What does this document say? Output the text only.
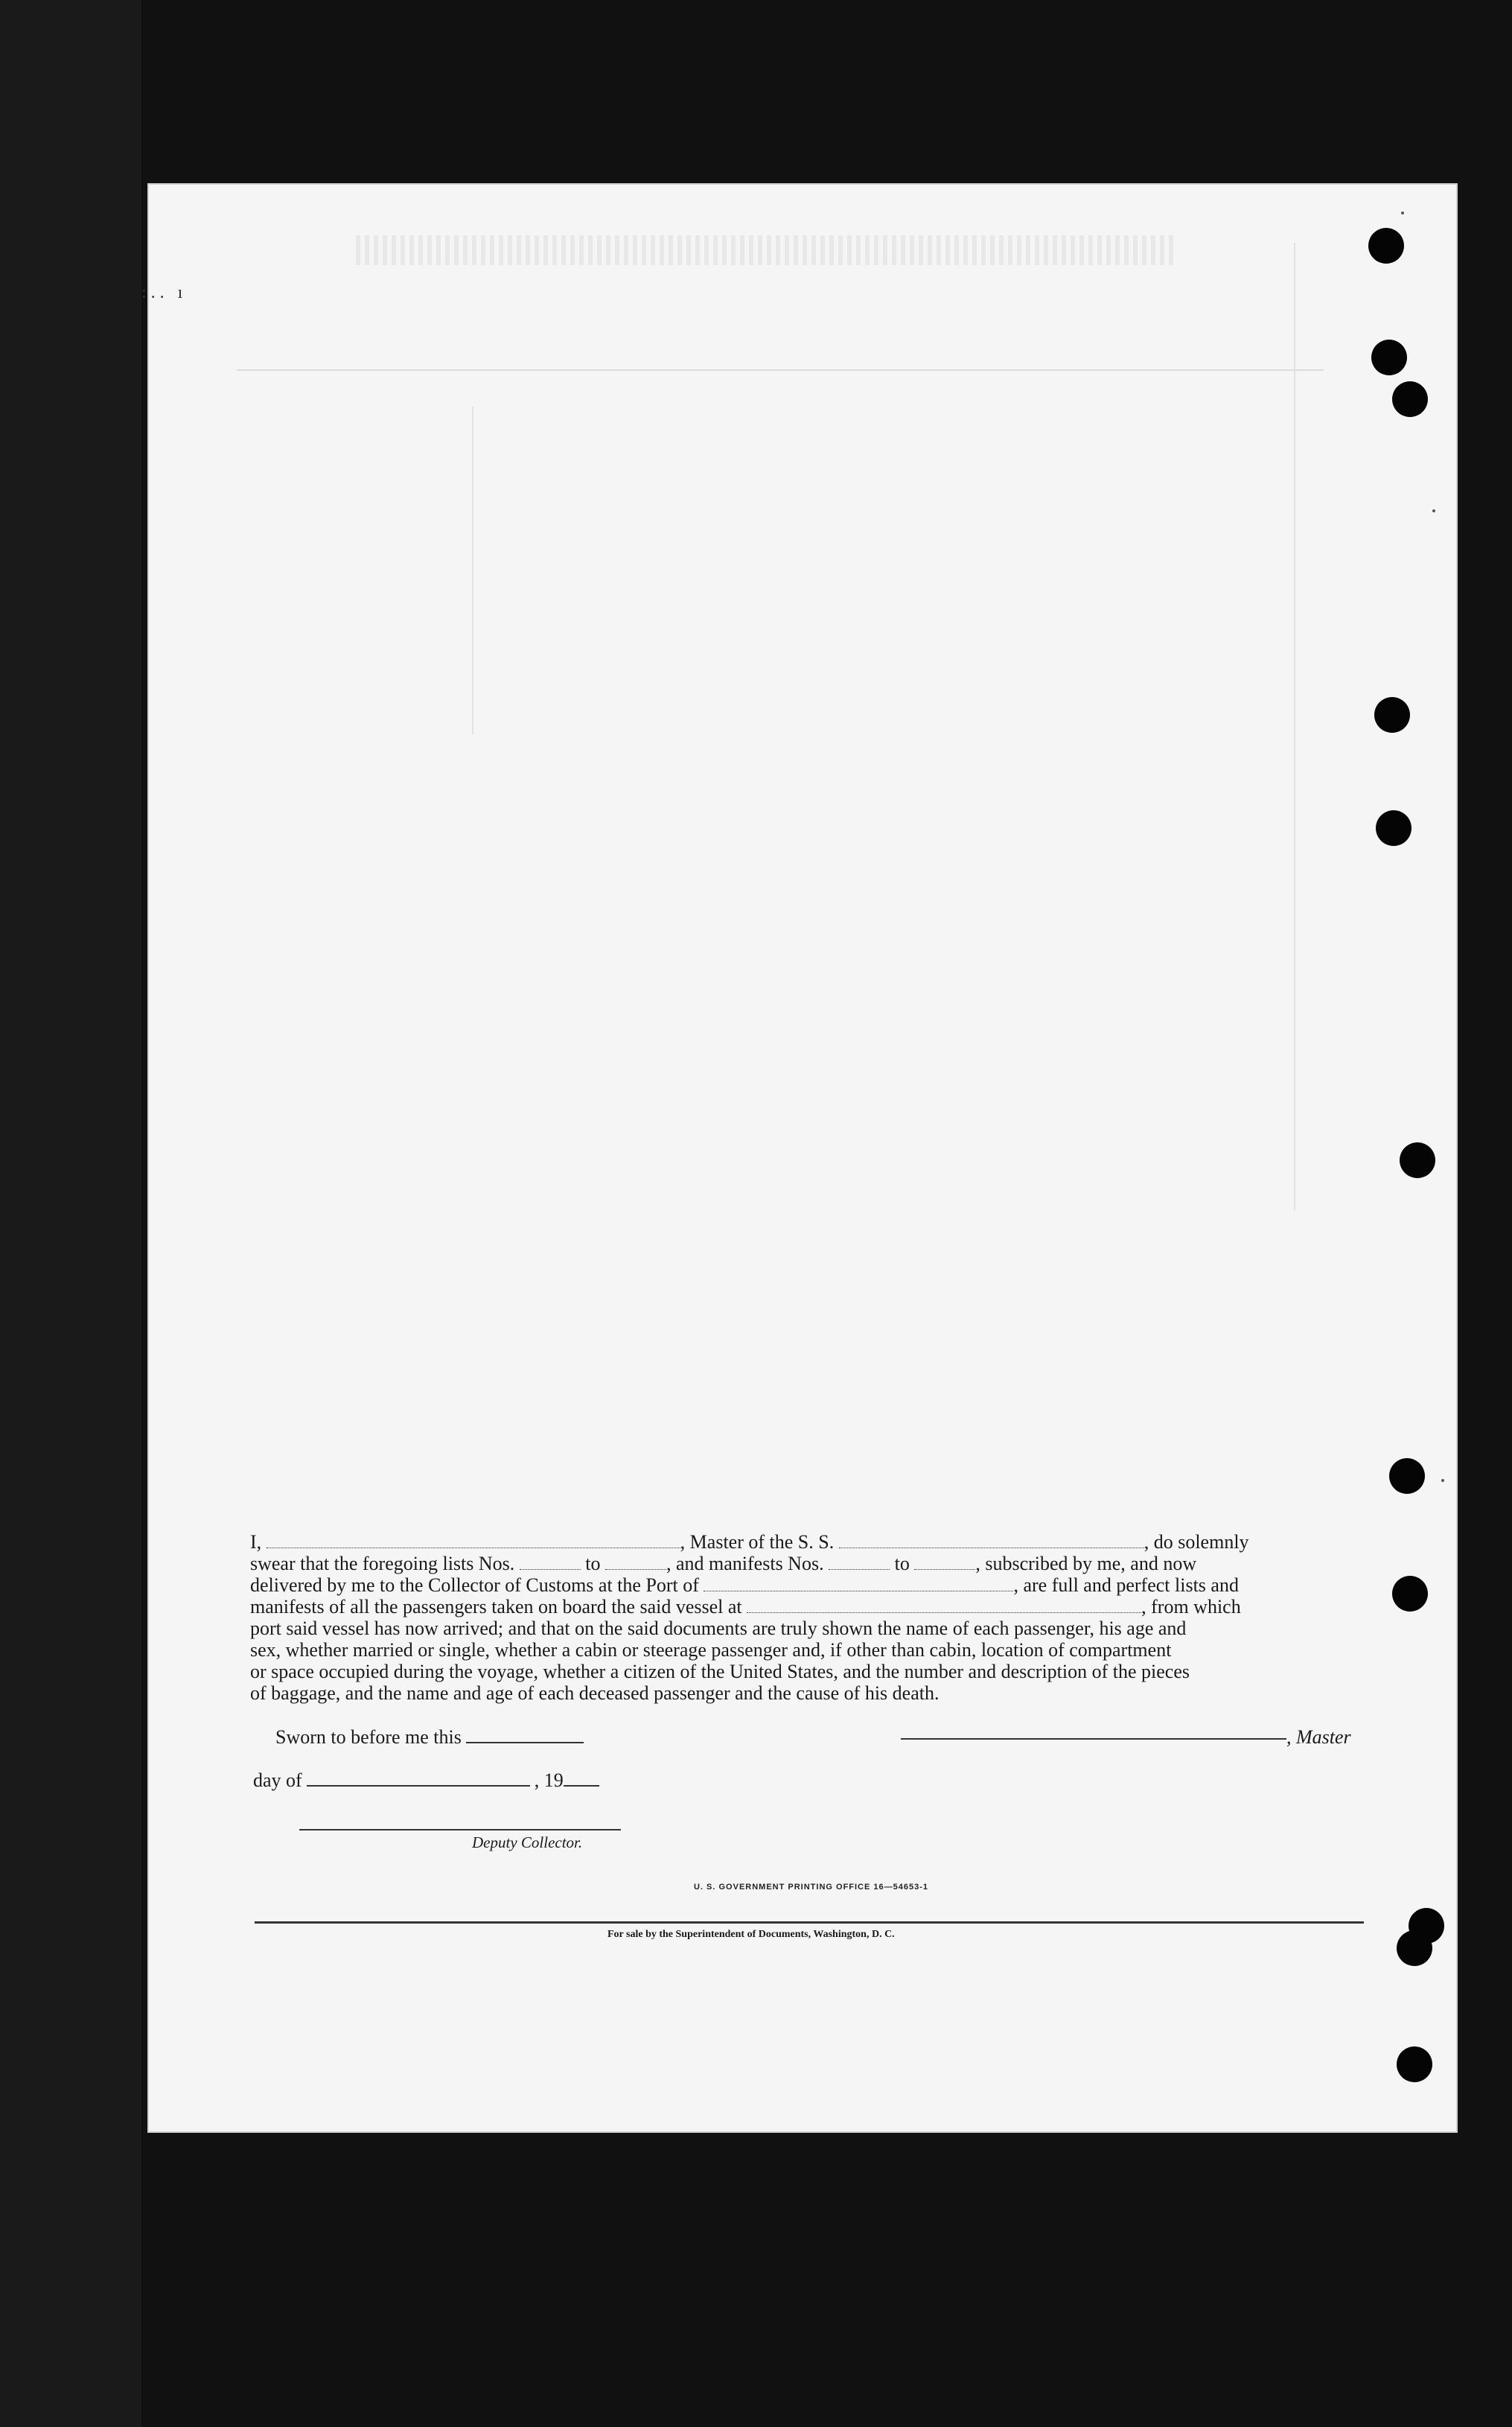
:.. ı
I,	, Master of the S. S.	, do solemnly
swear that the foregoing lists Nos.	to	, and manifests Nos.	to	, subscribed by me, and now
delivered by me to the Collector of Customs at the Port of	, are full and perfect lists and
manifests of all the passengers taken on board the said vessel at	, from which
port said vessel has now arrived; and that on the said documents are truly shown the name of each passenger, his age and
sex, whether married or single, whether a cabin or steerage passenger and, if other than cabin, location of compartment
or space occupied during the voyage, whether a citizen of the United States, and the number and description of the pieces
of baggage, and the name and age of each deceased passenger and the cause of his death.
Sworn to before me this	, Master
day of	, 19
Deputy Collector.
U. S. GOVERNMENT PRINTING OFFICE 16—54653-1
For sale by the Superintendent of Documents, Washington, D. C.
